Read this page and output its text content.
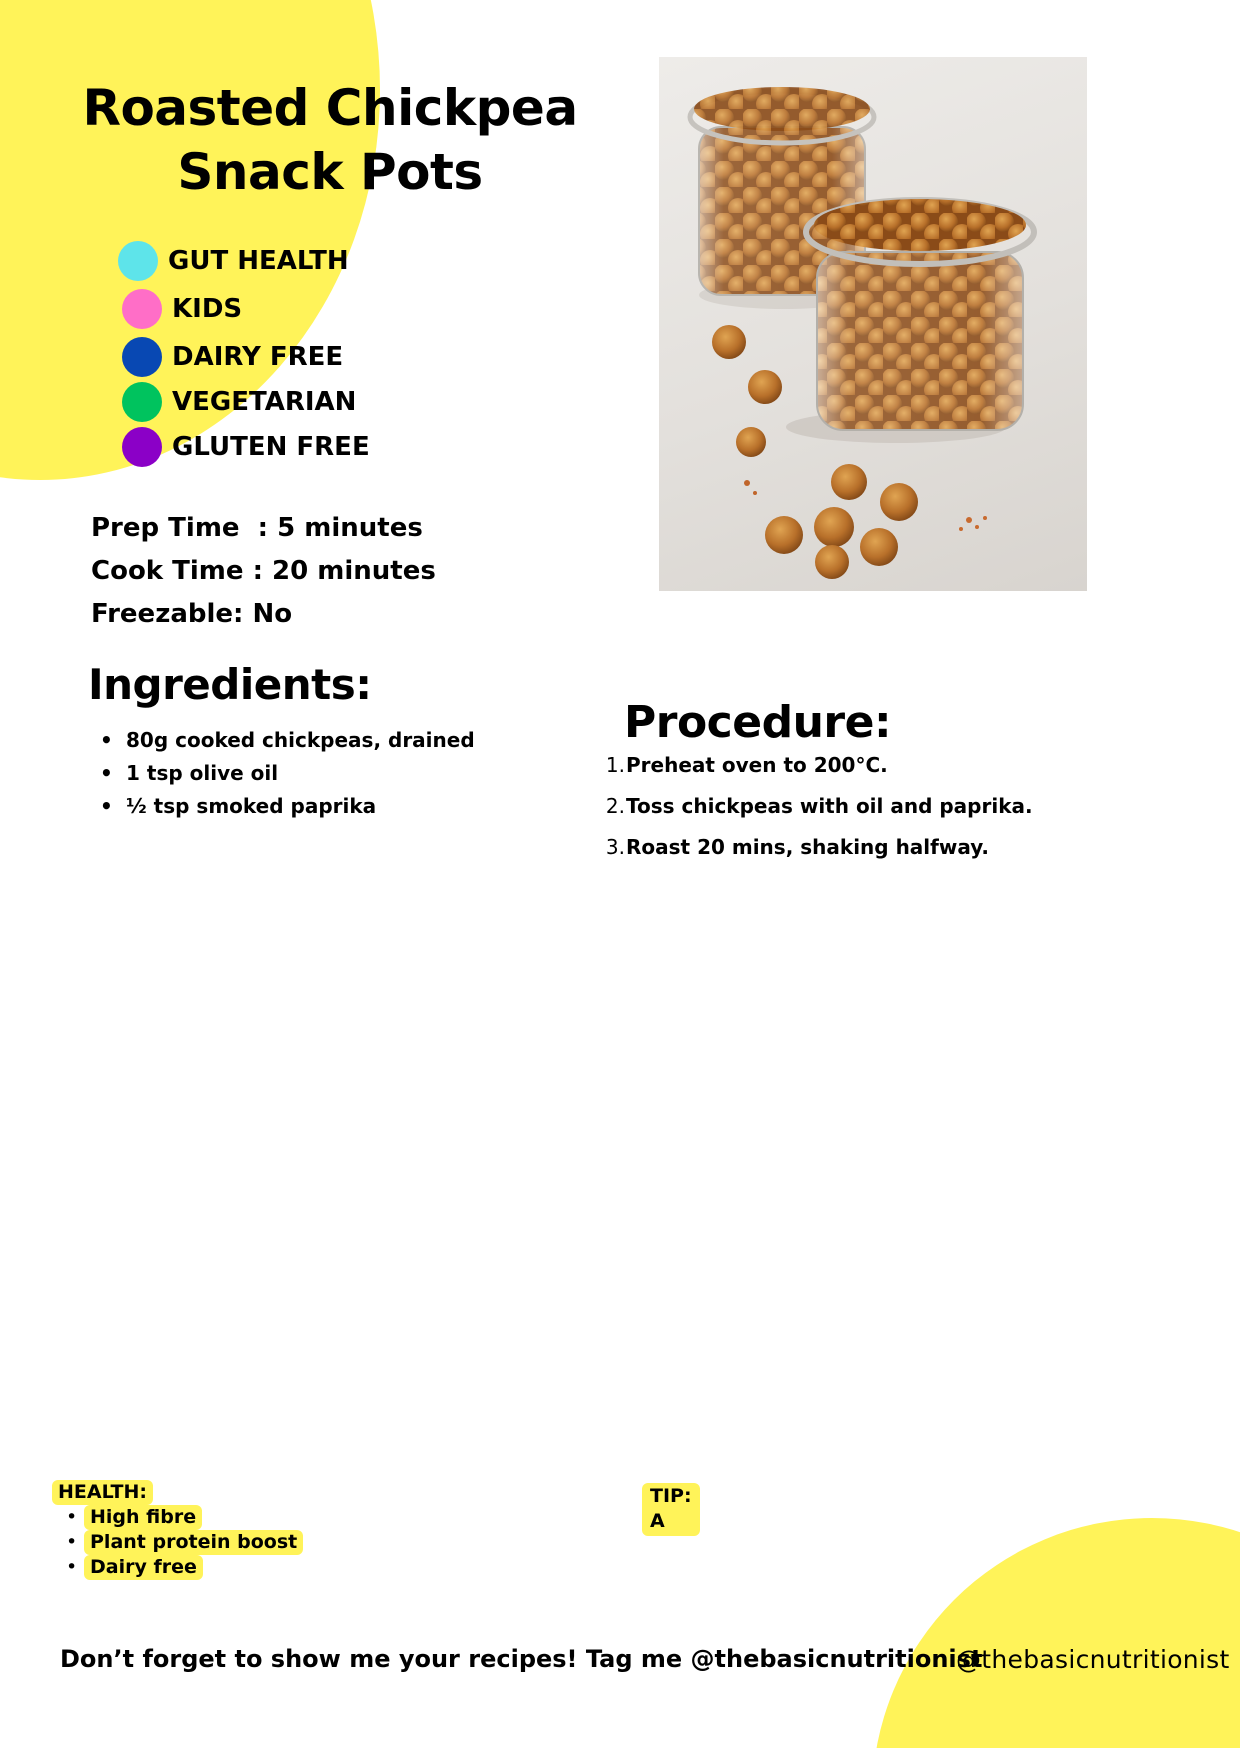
Roasted Chickpea
Snack Pots
GUT HEALTH
KIDS
DAIRY FREE
VEGETARIAN
GLUTEN FREE
Prep Time  : 5 minutes
Cook Time : 20 minutes
Freezable: No
Ingredients:
• 80g cooked chickpeas, drained
• 1 tsp olive oil
• ½ tsp smoked paprika
Procedure:
1. Preheat oven to 200°C.
2. Toss chickpeas with oil and paprika.
3. Roast 20 mins, shaking halfway.
HEALTH:
• High fibre
• Plant protein boost
• Dairy free
TIP:
A
Don’t forget to show me your recipes! Tag me @thebasicnutritionist
@thebasicnutritionist
